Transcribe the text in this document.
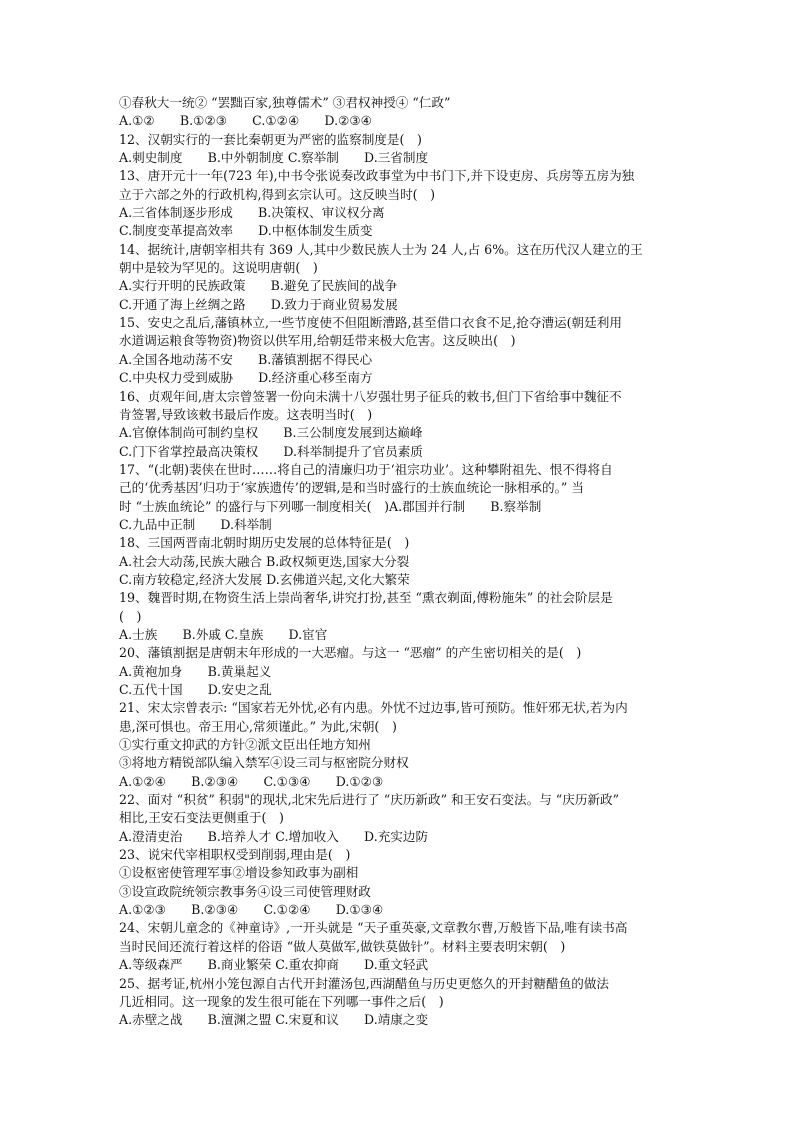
①春秋大一统② “罢黜百家,独尊儒术” ③君权神授④ “仁政”
A.①②　　B.①②③　　C.①②④　　D.②③④
12、汉朝实行的一套比秦朝更为严密的监察制度是(　)
A.刺史制度　　B.中外朝制度 C.察举制　　D.三省制度
13、唐开元十一年(723 年),中书令张说奏改政事堂为中书门下,并下设吏房、兵房等五房为独
立于六部之外的行政机构,得到玄宗认可。这反映当时(　)
A.三省体制逐步形成　　B.决策权、审议权分离
C.制度变革提高效率　　D.中枢体制发生质变
14、据统计,唐朝宰相共有 369 人,其中少数民族人士为 24 人,占 6%。这在历代汉人建立的王
朝中是较为罕见的。这说明唐朝(　)
A.实行开明的民族政策　　B.避免了民族间的战争
C.开通了海上丝绸之路　　D.致力于商业贸易发展
15、安史之乱后,藩镇林立,一些节度使不但阻断漕路,甚至借口衣食不足,抢夺漕运(朝廷利用
水道调运粮食等物资)物资以供军用,给朝廷带来极大危害。这反映出(　)
A.全国各地动荡不安　　B.藩镇割据不得民心
C.中央权力受到威胁　　D.经济重心移至南方
16、贞观年间,唐太宗曾签署一份向未满十八岁强壮男子征兵的敕书,但门下省给事中魏征不
肯签署,导致该敕书最后作废。这表明当时(　)
A.官僚体制尚可制约皇权　　B.三公制度发展到达巅峰
C.门下省掌控最高决策权　　D.科举制提升了官员素质
17、“(北朝)裴侠在世时……将自己的清廉归功于‘祖宗功业’。这种攀附祖先、恨不得将自
己的‘优秀基因’归功于‘家族遗传’的逻辑,是和当时盛行的士族血统论一脉相承的。” 当
时 “士族血统论” 的盛行与下列哪一制度相关(　)A.郡国并行制　　B.察举制
C.九品中正制　　D.科举制
18、三国两晋南北朝时期历史发展的总体特征是(　)
A.社会大动荡,民族大融合 B.政权频更迭,国家大分裂
C.南方较稳定,经济大发展 D.玄佛道兴起,文化大繁荣
19、魏晋时期,在物资生活上崇尚奢华,讲究打扮,甚至 “熏衣剃面,傅粉施朱” 的社会阶层是
(　)
A.士族　　B.外戚 C.皇族　　D.宦官
20、藩镇割据是唐朝末年形成的一大恶瘤。与这一 “恶瘤” 的产生密切相关的是(　)
A.黄袍加身　　B.黄巢起义
C.五代十国　　D.安史之乱
21、宋太宗曾表示: “国家若无外忧,必有内患。外忧不过边事,皆可预防。惟奸邪无状,若为内
患,深可惧也。帝王用心,常须谨此。” 为此,宋朝(　)
①实行重文抑武的方针②派文臣出任地方知州
③将地方精锐部队编入禁军④设三司与枢密院分财权
A.①②④　　B.②③④　　C.①③④　　D.①②③
22、面对 “积贫” 积弱"的现状,北宋先后进行了 “庆历新政” 和王安石变法。与 “庆历新政”
相比,王安石变法更侧重于(　)
A.澄清吏治　　B.培养人才 C.增加收入　　D.充实边防
23、说宋代宰相职权受到削弱,理由是(　)
①设枢密使管理军事②增设参知政事为副相
③设宣政院统领宗教事务④设三司使管理财政
A.①②③　　B.②③④　　C.①②④　　D.①③④
24、宋朝儿童念的《神童诗》,一开头就是 “天子重英豪,文章教尔曹,万般皆下品,唯有读书高
当时民间还流行着这样的俗语 “做人莫做军,做铁莫做针”。材料主要表明宋朝(　)
A.等级森严　　B.商业繁荣 C.重农抑商　　D.重文轻武
25、据考证,杭州小笼包源自古代开封灌汤包,西湖醋鱼与历史更悠久的开封糖醋鱼的做法
几近相同。这一现象的发生很可能在下列哪一事件之后(　)
A.赤壁之战　　B.澶渊之盟 C.宋夏和议　　D.靖康之变
